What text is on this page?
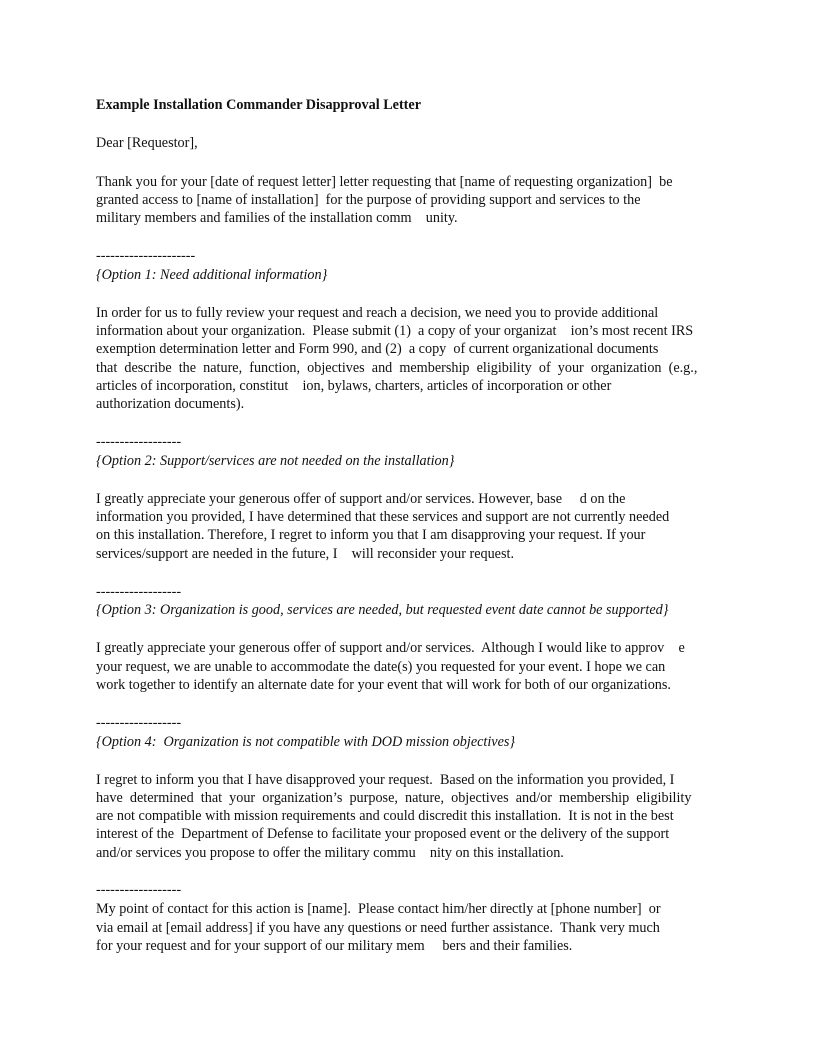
Example Installation Commander Disapproval Letter
Dear [Requestor],
Thank you for your [date of request letter] letter requesting that [name of requesting organization]  be
granted access to [name of installation]  for the purpose of providing support and services to the
military members and families of the installation comm    unity.
---------------------
{Option 1: Need additional information}
In order for us to fully review your request and reach a decision, we need you to provide additional
information about your organization.  Please submit (1)  a copy of your organizat    ion’s most recent IRS
exemption determination letter and Form 990, and (2)  a copy  of current organizational documents
that  describe  the  nature,  function,  objectives  and  membership  eligibility  of  your  organization  (e.g.,
articles of incorporation, constitut    ion, bylaws, charters, articles of incorporation or other
authorization documents).
------------------
{Option 2: Support/services are not needed on the installation}
I greatly appreciate your generous offer of support and/or services. However, base     d on the
information you provided, I have determined that these services and support are not currently needed
on this installation. Therefore, I regret to inform you that I am disapproving your request. If your
services/support are needed in the future, I    will reconsider your request.
------------------
{Option 3: Organization is good, services are needed, but requested event date cannot be supported}
I greatly appreciate your generous offer of support and/or services.  Although I would like to approv    e
your request, we are unable to accommodate the date(s) you requested for your event. I hope we can
work together to identify an alternate date for your event that will work for both of our organizations.
------------------
{Option 4:  Organization is not compatible with DOD mission objectives}
I regret to inform you that I have disapproved your request.  Based on the information you provided, I
have  determined  that  your  organization’s  purpose,  nature,  objectives  and/or  membership  eligibility
are not compatible with mission requirements and could discredit this installation.  It is not in the best
interest of the  Department of Defense to facilitate your proposed event or the delivery of the support
and/or services you propose to offer the military commu    nity on this installation.
------------------
My point of contact for this action is [name].  Please contact him/her directly at [phone number]  or
via email at [email address] if you have any questions or need further assistance.  Thank very much
for your request and for your support of our military mem     bers and their families.
